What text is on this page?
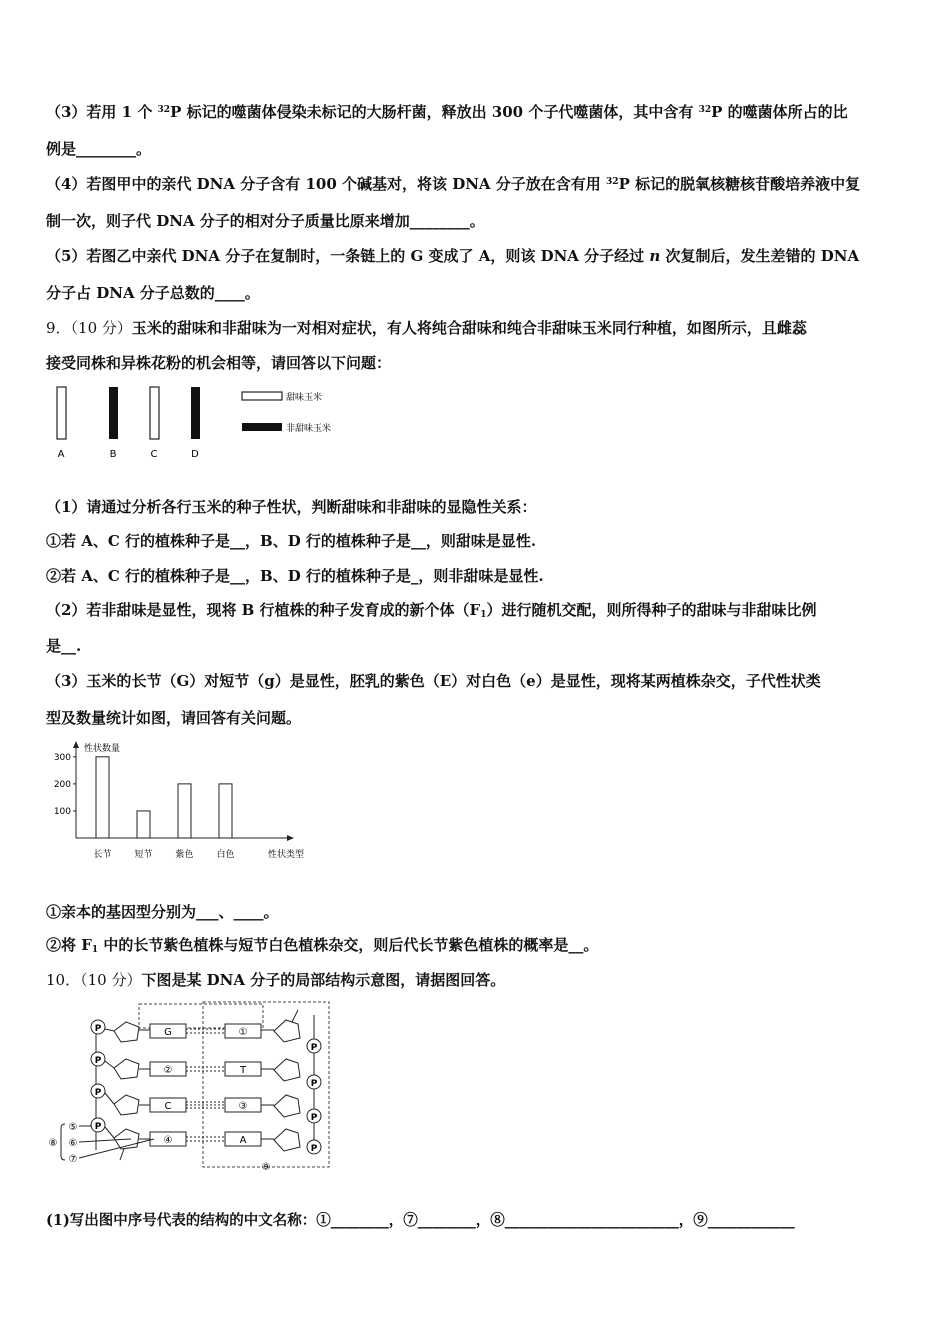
（3）若用 1 个 $^{32}$P 标记的噬菌体侵染未标记的大肠杆菌，释放出 300 个子代噬菌体，其中含有 $^{32}$P 的噬菌体所占的比
例是________。
（4）若图甲中的亲代 DNA 分子含有 100 个碱基对，将该 DNA 分子放在含有用 $^{32}$P 标记的脱氧核糖核苷酸培养液中复
制一次，则子代 DNA 分子的相对分子质量比原来增加________。
（5）若图乙中亲代 DNA 分子在复制时，一条链上的 G 变成了 A，则该 DNA 分子经过 n 次复制后，发生差错的 DNA
分子占 DNA 分子总数的____。
9．（10 分）玉米的甜味和非甜味为一对相对症状，有人将纯合甜味和纯合非甜味玉米同行种植，如图所示，且雌蕊
接受同株和异株花粉的机会相等，请回答以下问题：
A	B	C	D
甜味玉米
非甜味玉米
（1）请通过分析各行玉米的种子性状，判断甜味和非甜味的显隐性关系：
①若 A、C 行的植株种子是__，B、D 行的植株种子是__，则甜味是显性.
②若 A、C 行的植株种子是__，B、D 行的植株种子是_，则非甜味是显性.
（2）若非甜味是显性，现将 B 行植株的种子发育成的新个体$(F_1)$进行随机交配，则所得种子的甜味与非甜味比例
是__.
（3）玉米的长节（G）对短节（g）是显性，胚乳的紫色（E）对白色（e）是显性，现将某两植株杂交，子代性状类
型及数量统计如图，请回答有关问题。
性状数量
性状类型
100
200
300
长节	短节	紫色	白色
①亲本的基因型分别为___、____。
②将 $F_1$ 中的长节紫色植株与短节白色植株杂交，则后代长节紫色植株的概率是__。
10．（10 分）下图是某 DNA 分子的局部结构示意图，请据图回答。
⑨
P	G	①
P
P
②	T
P
P
C	③
P
P
④	A
P
⑤
⑥
⑦
⑧
(1)写出图中序号代表的结构的中文名称：①________，⑦________，⑧________________________，⑨____________
